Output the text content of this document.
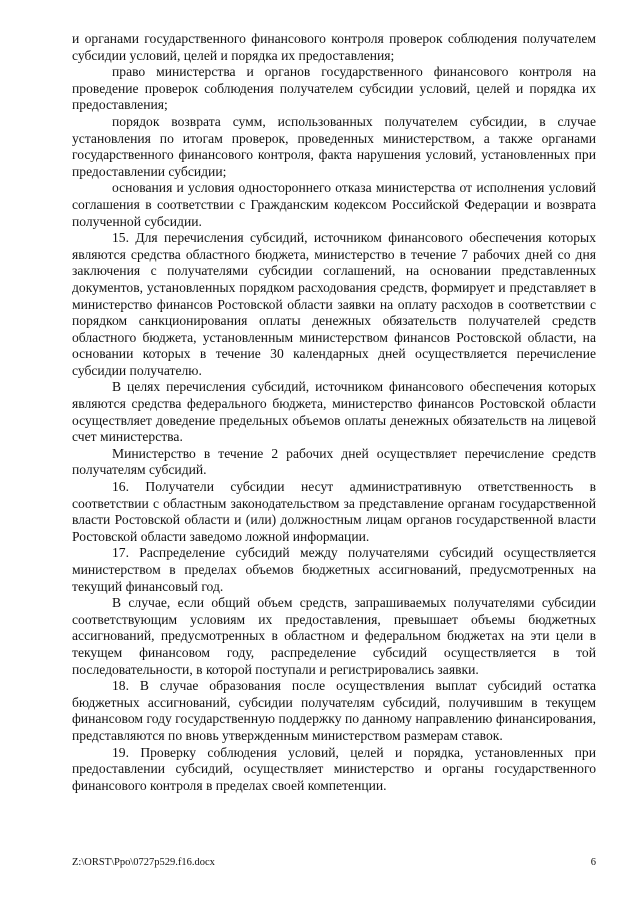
и органами государственного финансового контроля проверок соблюдения получателем субсидии условий, целей и порядка их предоставления;

право министерства и органов государственного финансового контроля на проведение проверок соблюдения получателем субсидии условий, целей и порядка их предоставления;

порядок возврата сумм, использованных получателем субсидии, в случае установления по итогам проверок, проведенных министерством, а также органами государственного финансового контроля, факта нарушения условий, установленных при предоставлении субсидии;

основания и условия одностороннего отказа министерства от исполнения условий соглашения в соответствии с Гражданским кодексом Российской Федерации и возврата полученной субсидии.

15. Для перечисления субсидий, источником финансового обеспечения которых являются средства областного бюджета, министерство в течение 7 рабочих дней со дня заключения с получателями субсидии соглашений, на основании представленных документов, установленных порядком расходования средств, формирует и представляет в министерство финансов Ростовской области заявки на оплату расходов в соответствии с порядком санкционирования оплаты денежных обязательств получателей средств областного бюджета, установленным министерством финансов Ростовской области, на основании которых в течение 30 календарных дней осуществляется перечисление субсидии получателю.

В целях перечисления субсидий, источником финансового обеспечения которых являются средства федерального бюджета, министерство финансов Ростовской области осуществляет доведение предельных объемов оплаты денежных обязательств на лицевой счет министерства.

Министерство в течение 2 рабочих дней осуществляет перечисление средств получателям субсидий.

16. Получатели субсидии несут административную ответственность в соответствии с областным законодательством за представление органам государственной власти Ростовской области и (или) должностным лицам органов государственной власти Ростовской области заведомо ложной информации.

17. Распределение субсидий между получателями субсидий осуществляется министерством в пределах объемов бюджетных ассигнований, предусмотренных на текущий финансовый год.

В случае, если общий объем средств, запрашиваемых получателями субсидии соответствующим условиям их предоставления, превышает объемы бюджетных ассигнований, предусмотренных в областном и федеральном бюджетах на эти цели в текущем финансовом году, распределение субсидий осуществляется в той последовательности, в которой поступали и регистрировались заявки.

18. В случае образования после осуществления выплат субсидий остатка бюджетных ассигнований, субсидии получателям субсидий, получившим в текущем финансовом году государственную поддержку по данному направлению финансирования, представляются по вновь утвержденным министерством размерам ставок.

19. Проверку соблюдения условий, целей и порядка, установленных при предоставлении субсидий, осуществляет министерство и органы государственного финансового контроля в пределах своей компетенции.

Z:\ORST\Ppo\0727p529.f16.docx	6
